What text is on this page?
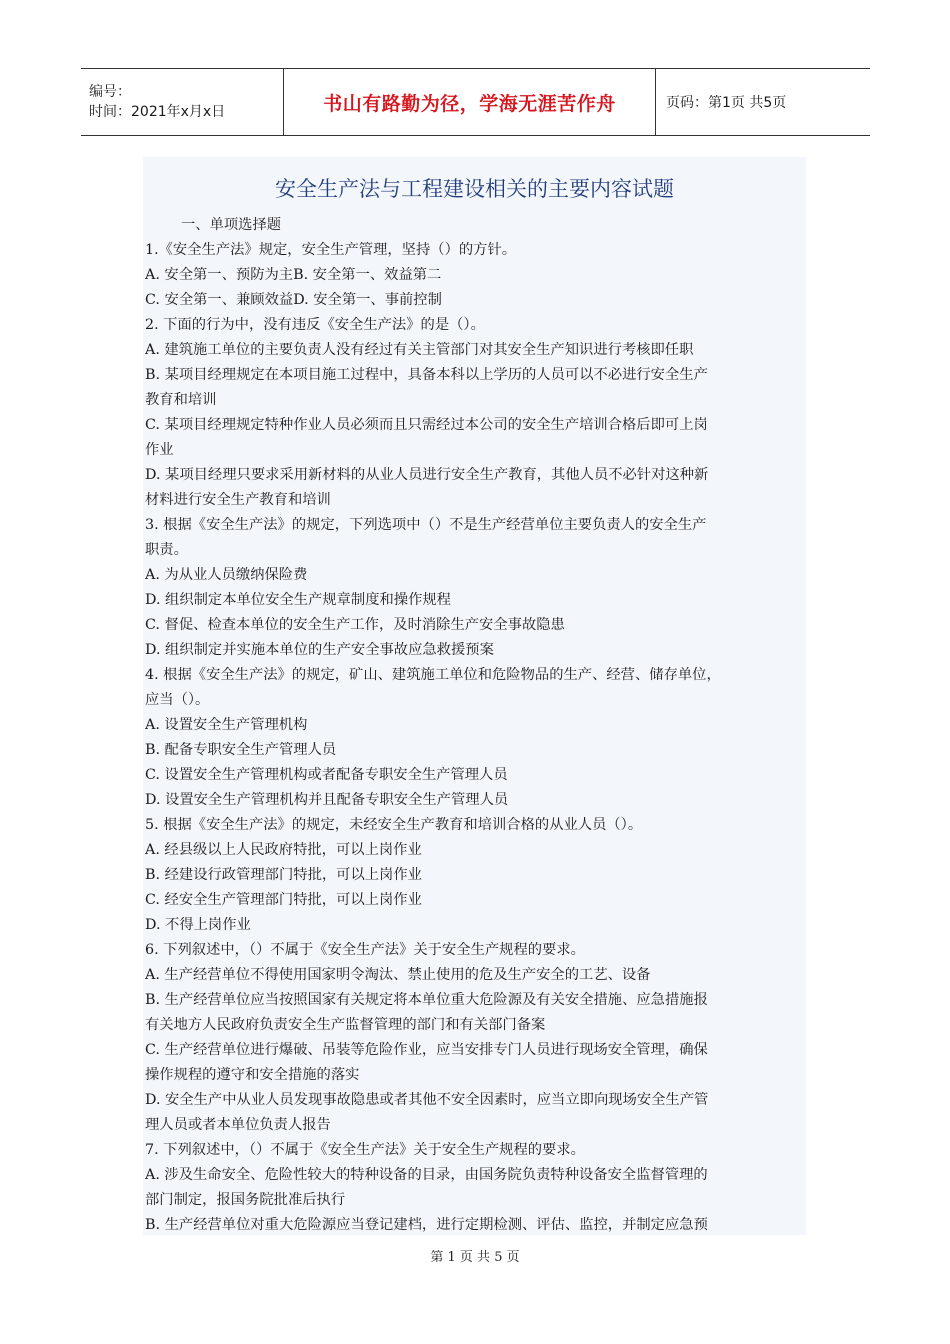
编号：
时间：2021年x月x日	书山有路勤为径，学海无涯苦作舟	页码：第1页 共5页
安全生产法与工程建设相关的主要内容试题
一、单项选择题
1.《安全生产法》规定，安全生产管理，坚持（）的方针。
A. 安全第一、预防为主B. 安全第一、效益第二
C. 安全第一、兼顾效益D. 安全第一、事前控制
2. 下面的行为中，没有违反《安全生产法》的是（）。
A. 建筑施工单位的主要负责人没有经过有关主管部门对其安全生产知识进行考核即任职
B. 某项目经理规定在本项目施工过程中，具备本科以上学历的人员可以不必进行安全生产
教育和培训
C. 某项目经理规定特种作业人员必须而且只需经过本公司的安全生产培训合格后即可上岗
作业
D. 某项目经理只要求采用新材料的从业人员进行安全生产教育，其他人员不必针对这种新
材料进行安全生产教育和培训
3. 根据《安全生产法》的规定，下列选项中（）不是生产经营单位主要负责人的安全生产
职责。
A. 为从业人员缴纳保险费
D. 组织制定本单位安全生产规章制度和操作规程
C. 督促、检查本单位的安全生产工作，及时消除生产安全事故隐患
D. 组织制定并实施本单位的生产安全事故应急救援预案
4. 根据《安全生产法》的规定，矿山、建筑施工单位和危险物品的生产、经营、储存单位，
应当（）。
A. 设置安全生产管理机构
B. 配备专职安全生产管理人员
C. 设置安全生产管理机构或者配备专职安全生产管理人员
D. 设置安全生产管理机构并且配备专职安全生产管理人员
5. 根据《安全生产法》的规定，未经安全生产教育和培训合格的从业人员（）。
A. 经县级以上人民政府特批，可以上岗作业
B. 经建设行政管理部门特批，可以上岗作业
C. 经安全生产管理部门特批，可以上岗作业
D. 不得上岗作业
6. 下列叙述中，（）不属于《安全生产法》关于安全生产规程的要求。
A. 生产经营单位不得使用国家明令淘汰、禁止使用的危及生产安全的工艺、设备
B. 生产经营单位应当按照国家有关规定将本单位重大危险源及有关安全措施、应急措施报
有关地方人民政府负责安全生产监督管理的部门和有关部门备案
C. 生产经营单位进行爆破、吊装等危险作业，应当安排专门人员进行现场安全管理，确保
操作规程的遵守和安全措施的落实
D. 安全生产中从业人员发现事故隐患或者其他不安全因素时，应当立即向现场安全生产管
理人员或者本单位负责人报告
7. 下列叙述中，（）不属于《安全生产法》关于安全生产规程的要求。
A. 涉及生命安全、危险性较大的特种设备的目录，由国务院负责特种设备安全监督管理的
部门制定，报国务院批准后执行
B. 生产经营单位对重大危险源应当登记建档，进行定期检测、评估、监控，并制定应急预
第 1 页 共 5 页
